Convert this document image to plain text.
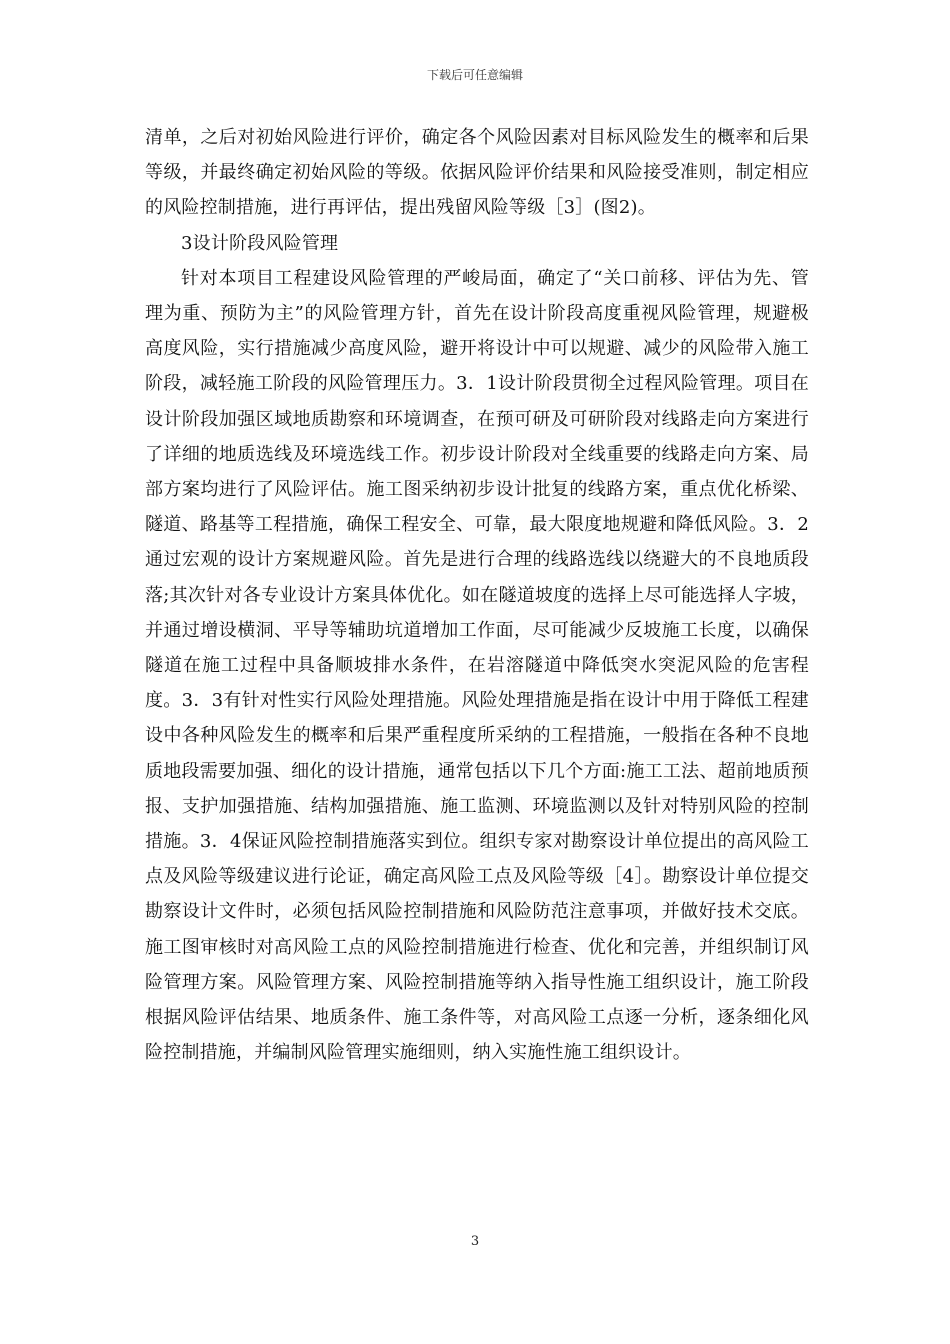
下载后可任意编辑

清单，之后对初始风险进行评价，确定各个风险因素对目标风险发生的概率和后果等级，并最终确定初始风险的等级。依据风险评价结果和风险接受准则，制定相应的风险控制措施，进行再评估，提出残留风险等级［3］(图2)。

3设计阶段风险管理

针对本项目工程建设风险管理的严峻局面，确定了“关口前移、评估为先、管理为重、预防为主”的风险管理方针，首先在设计阶段高度重视风险管理，规避极高度风险，实行措施减少高度风险，避开将设计中可以规避、减少的风险带入施工阶段，减轻施工阶段的风险管理压力。3．1设计阶段贯彻全过程风险管理。项目在设计阶段加强区域地质勘察和环境调查，在预可研及可研阶段对线路走向方案进行了详细的地质选线及环境选线工作。初步设计阶段对全线重要的线路走向方案、局部方案均进行了风险评估。施工图采纳初步设计批复的线路方案，重点优化桥梁、隧道、路基等工程措施，确保工程安全、可靠，最大限度地规避和降低风险。3．2通过宏观的设计方案规避风险。首先是进行合理的线路选线以绕避大的不良地质段落;其次针对各专业设计方案具体优化。如在隧道坡度的选择上尽可能选择人字坡，并通过增设横洞、平导等辅助坑道增加工作面，尽可能减少反坡施工长度，以确保隧道在施工过程中具备顺坡排水条件，在岩溶隧道中降低突水突泥风险的危害程度。3．3有针对性实行风险处理措施。风险处理措施是指在设计中用于降低工程建设中各种风险发生的概率和后果严重程度所采纳的工程措施，一般指在各种不良地质地段需要加强、细化的设计措施，通常包括以下几个方面:施工工法、超前地质预报、支护加强措施、结构加强措施、施工监测、环境监测以及针对特别风险的控制措施。3．4保证风险控制措施落实到位。组织专家对勘察设计单位提出的高风险工点及风险等级建议进行论证，确定高风险工点及风险等级［4］。勘察设计单位提交勘察设计文件时，必须包括风险控制措施和风险防范注意事项，并做好技术交底。施工图审核时对高风险工点的风险控制措施进行检查、优化和完善，并组织制订风险管理方案。风险管理方案、风险控制措施等纳入指导性施工组织设计，施工阶段根据风险评估结果、地质条件、施工条件等，对高风险工点逐一分析，逐条细化风险控制措施，并编制风险管理实施细则，纳入实施性施工组织设计。

3
